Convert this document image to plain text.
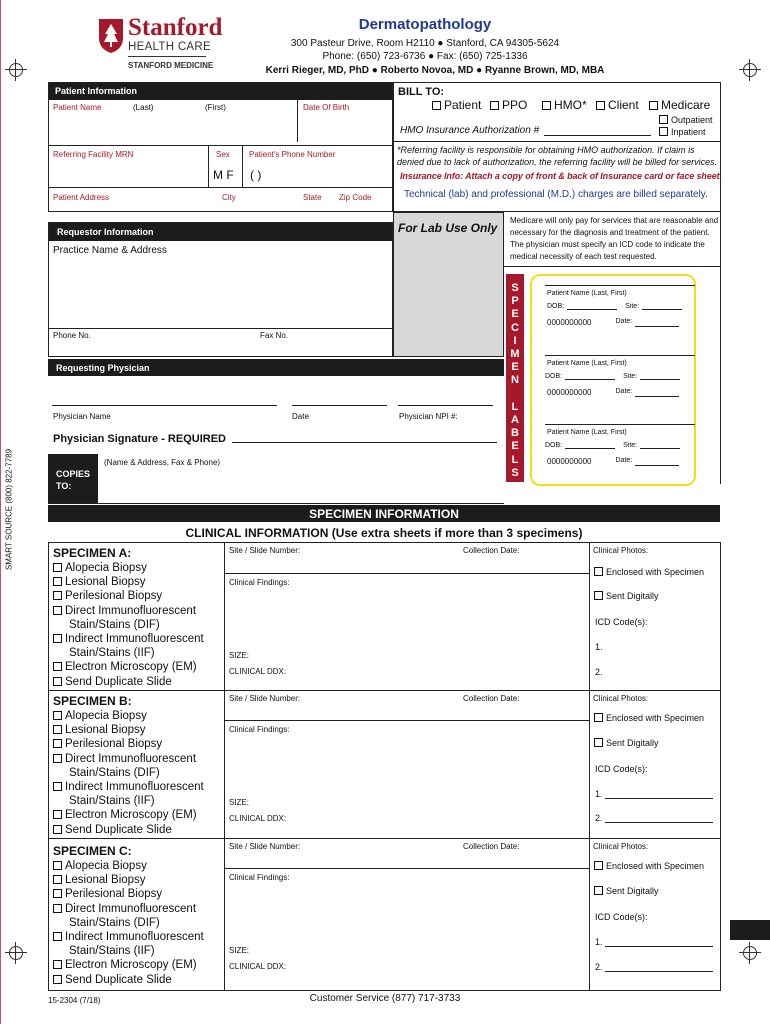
SMART SOURCE (800) 822-7789
Stanford
HEALTH CARE
STANFORD MEDICINE
Dermatopathology
300 Pasteur Drive, Room H2110 ● Stanford, CA 94305-5624
Phone: (650) 723-6736 ● Fax: (650) 725-1336
Kerri Rieger, MD, PhD ● Roberto Novoa, MD ● Ryanne Brown, MD, MBA
Patient Information
Patient Name	(Last)	(First)	Date Of Birth
Referring Facility MRN	Sex
M F
Patient's Phone Number
( )
Patient Address	City	State Zip Code
BILL TO:
Patient	PPO	HMO*	Client	Medicare
Outpatient
Inpatient
HMO Insurance Authorization #
*Referring facility is responsible for obtaining HMO authorization. If claim is denied due to lack of authorization, the referring facility will be billed for services.
Insurance Info: Attach a copy of front & back of Insurance card or face sheet.
Technical (lab) and professional (M.D.) charges are billed separately.
Requestor Information
Practice Name & Address
Phone No.	Fax No.
For Lab Use Only
Medicare will only pay for services that are reasonable and necessary for the diagnosis and treatment of the patient. The physician must specify an ICD code to indicate the medical necessity of each test requested.
S
P
E
C
I
M
E
N

L
A
B
E
L
S
Patient Name (Last, First)
DOB:	Site:
0000000000	Date:
Patient Name (Last, First)
DOB:	Site:
0000000000	Date:
Patient Name (Last, First)
DOB:	Site:
0000000000	Date:
Requesting Physician
Physician Name	Date	Physician NPI #:
Physician Signature - REQUIRED
COPIES
TO:
(Name & Address, Fax & Phone)
SPECIMEN INFORMATION
CLINICAL INFORMATION (Use extra sheets if more than 3 specimens)
SPECIMEN A:
Alopecia Biopsy
Lesional Biopsy
Perilesional Biopsy
Direct Immunofluorescent
Stain/Stains (DIF)
Indirect Immunofluorescent
Stain/Stains (IIF)
Electron Microscopy (EM)
Send Duplicate Slide
Site / Slide Number:	Collection Date:
Clinical Findings:
SIZE:
CLINICAL DDX:
Clinical Photos:
Enclosed with Specimen
Sent Digitally
ICD Code(s):
1.
2.
SPECIMEN B:
Alopecia Biopsy
Lesional Biopsy
Perilesional Biopsy
Direct Immunofluorescent
Stain/Stains (DIF)
Indirect Immunofluorescent
Stain/Stains (IIF)
Electron Microscopy (EM)
Send Duplicate Slide
Site / Slide Number:	Collection Date:
Clinical Findings:
SIZE:
CLINICAL DDX:
Clinical Photos:
Enclosed with Specimen
Sent Digitally
ICD Code(s):
1.
2.
SPECIMEN C:
Alopecia Biopsy
Lesional Biopsy
Perilesional Biopsy
Direct Immunofluorescent
Stain/Stains (DIF)
Indirect Immunofluorescent
Stain/Stains (IIF)
Electron Microscopy (EM)
Send Duplicate Slide
Site / Slide Number:	Collection Date:
Clinical Findings:
SIZE:
CLINICAL DDX:
Clinical Photos:
Enclosed with Specimen
Sent Digitally
ICD Code(s):
1.
2.
15-2304 (7/18)	Customer Service (877) 717-3733
